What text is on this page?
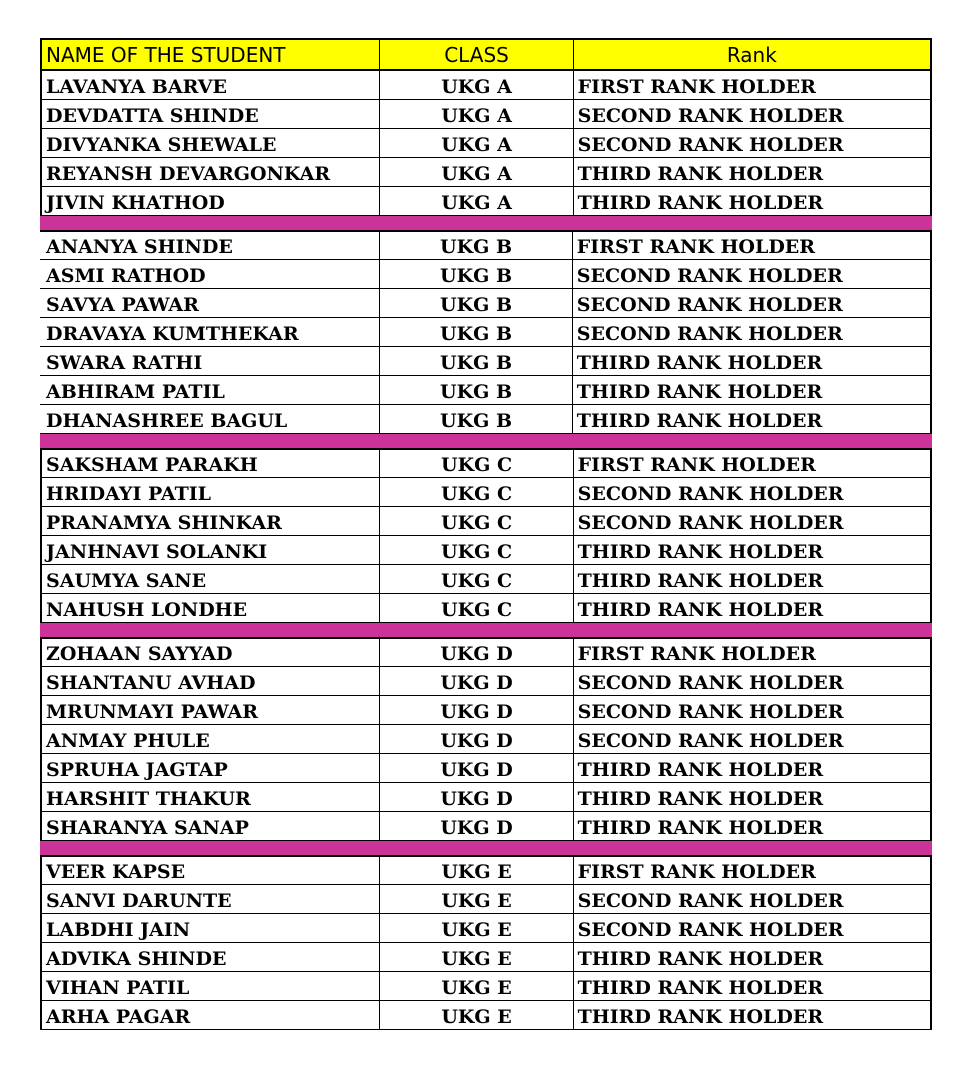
NAME OF THE STUDENT	CLASS	Rank
LAVANYA BARVE	UKG A	FIRST RANK HOLDER
DEVDATTA SHINDE	UKG A	SECOND RANK HOLDER
DIVYANKA SHEWALE	UKG A	SECOND RANK HOLDER
REYANSH DEVARGONKAR	UKG A	THIRD RANK HOLDER
JIVIN KHATHOD	UKG A	THIRD RANK HOLDER
ANANYA SHINDE	UKG B	FIRST RANK HOLDER
ASMI RATHOD	UKG B	SECOND RANK HOLDER
SAVYA PAWAR	UKG B	SECOND RANK HOLDER
DRAVAYA KUMTHEKAR	UKG B	SECOND RANK HOLDER
SWARA RATHI	UKG B	THIRD RANK HOLDER
ABHIRAM PATIL	UKG B	THIRD RANK HOLDER
DHANASHREE BAGUL	UKG B	THIRD RANK HOLDER
SAKSHAM PARAKH	UKG C	FIRST RANK HOLDER
HRIDAYI PATIL	UKG C	SECOND RANK HOLDER
PRANAMYA SHINKAR	UKG C	SECOND RANK HOLDER
JANHNAVI SOLANKI	UKG C	THIRD RANK HOLDER
SAUMYA SANE	UKG C	THIRD RANK HOLDER
NAHUSH LONDHE	UKG C	THIRD RANK HOLDER
ZOHAAN SAYYAD	UKG D	FIRST RANK HOLDER
SHANTANU AVHAD	UKG D	SECOND RANK HOLDER
MRUNMAYI PAWAR	UKG D	SECOND RANK HOLDER
ANMAY PHULE	UKG D	SECOND RANK HOLDER
SPRUHA JAGTAP	UKG D	THIRD RANK HOLDER
HARSHIT THAKUR	UKG D	THIRD RANK HOLDER
SHARANYA SANAP	UKG D	THIRD RANK HOLDER
VEER KAPSE	UKG E	FIRST RANK HOLDER
SANVI DARUNTE	UKG E	SECOND RANK HOLDER
LABDHI JAIN	UKG E	SECOND RANK HOLDER
ADVIKA SHINDE	UKG E	THIRD RANK HOLDER
VIHAN PATIL	UKG E	THIRD RANK HOLDER
ARHA PAGAR	UKG E	THIRD RANK HOLDER
